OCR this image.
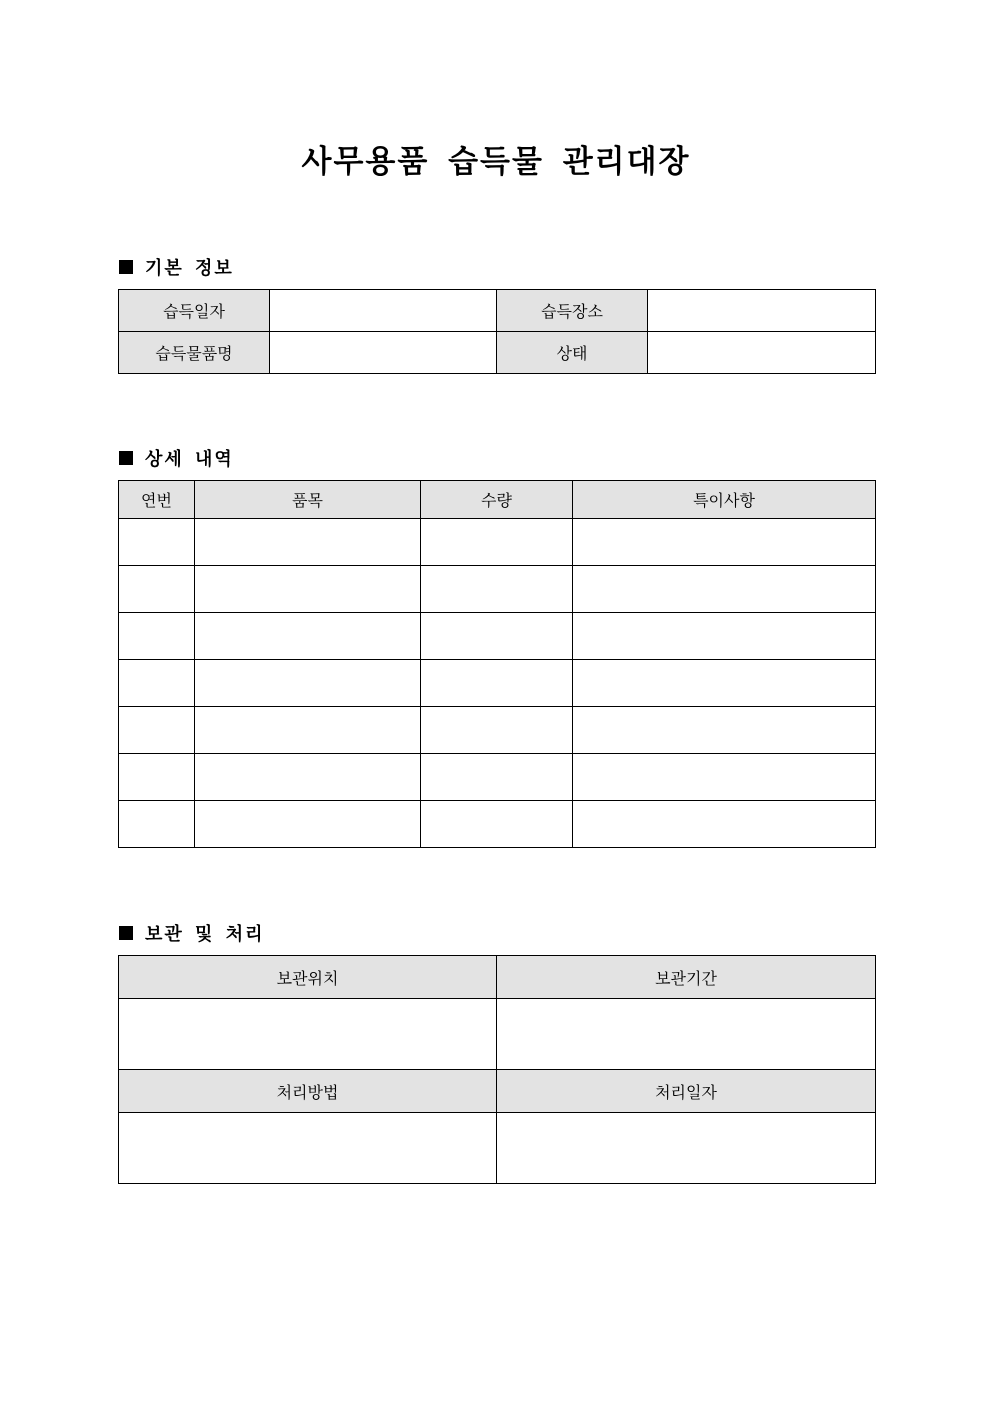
사무용품 습득물 관리대장
기본 정보
습득일자		습득장소	
습득물품명		상태	
상세 내역
연번	품목	수량	특이사항

보관 및 처리
보관위치	보관기간

처리방법	처리일자
